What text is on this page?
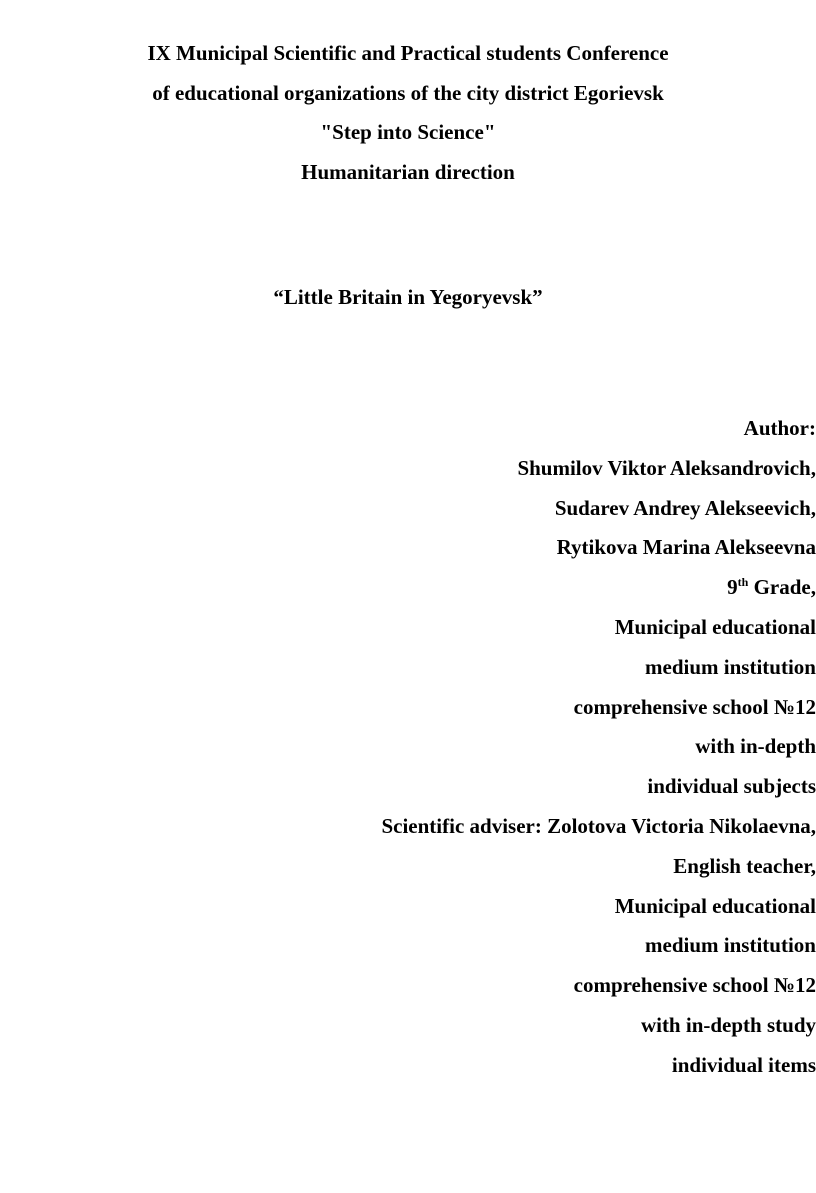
IX Municipal Scientific and Practical students Conference
of educational organizations of the city district Egorievsk
"Step into Science"
Humanitarian direction
“Little Britain in Yegoryevsk”
Author:
Shumilov Viktor Aleksandrovich,
Sudarev Andrey Alekseevich,
Rytikova Marina Alekseevna
9th Grade,
Municipal educational
medium institution
comprehensive school №12
with in-depth
individual subjects
Scientific adviser: Zolotova Victoria Nikolaevna,
English teacher,
Municipal educational
medium institution
comprehensive school №12
with in-depth study
individual items
